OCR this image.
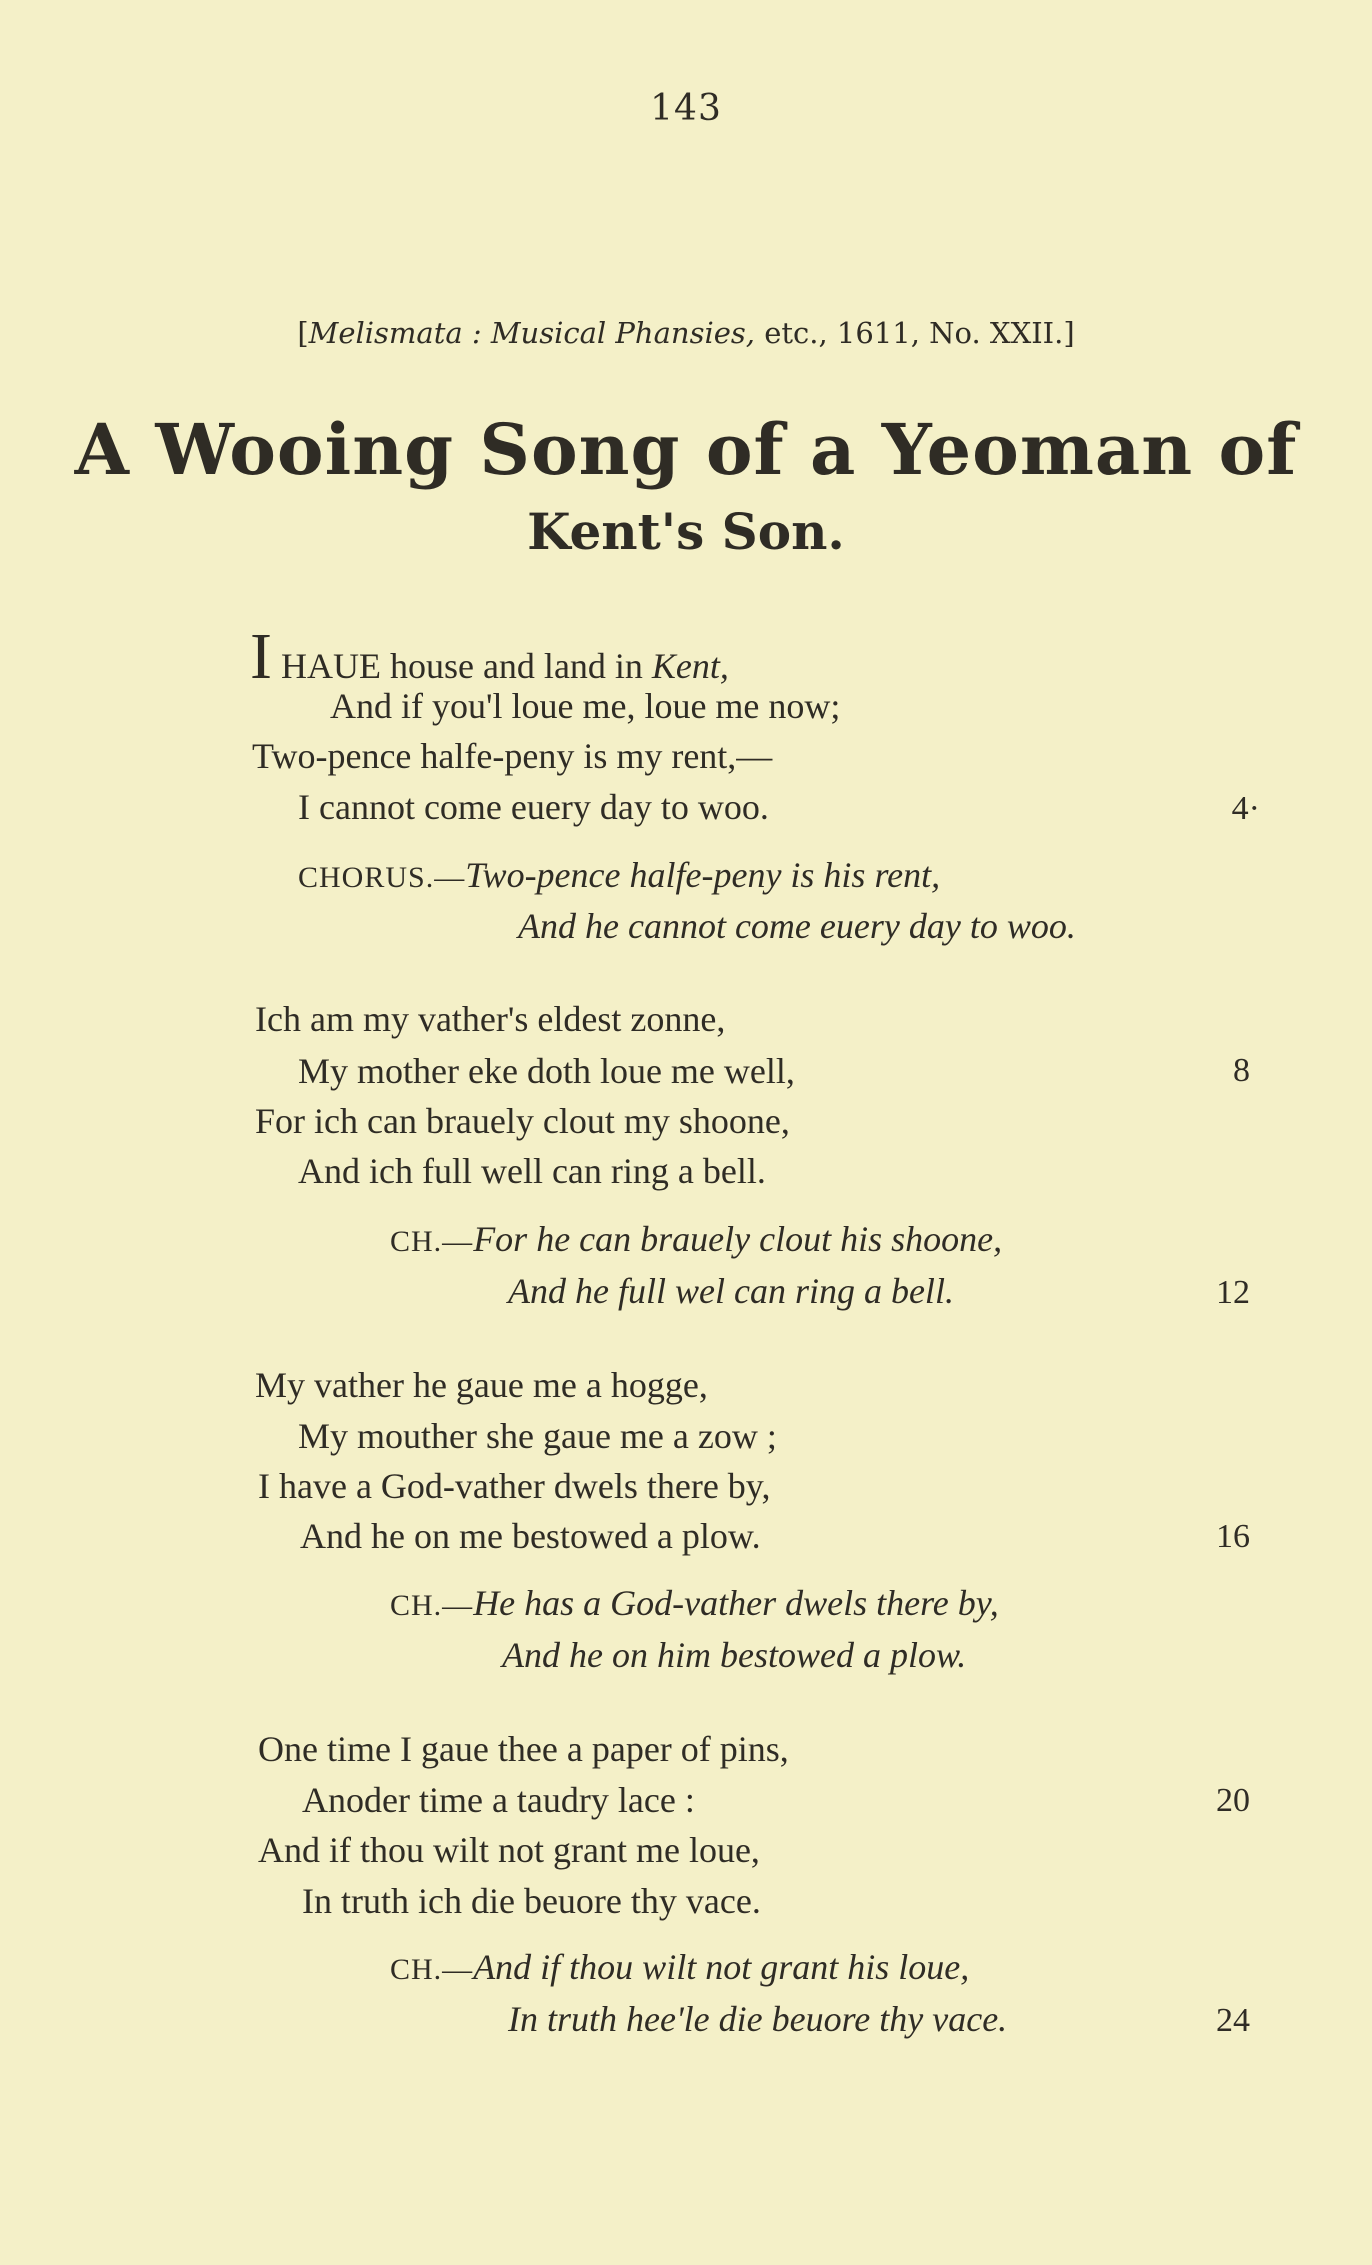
143
[Melismata : Musical Phansies, etc., 1611, No. XXII.]
A Wooing Song of a Yeoman of
Kent's Son.
I HAUE house and land in Kent,
And if you'l loue me, loue me now;
Two-pence halfe-peny is my rent,—
I cannot come euery day to woo.	4·
CHORUS.—Two-pence halfe-peny is his rent,
And he cannot come euery day to woo.
Ich am my vather's eldest zonne,
My mother eke doth loue me well,	8
For ich can brauely clout my shoone,
And ich full well can ring a bell.
CH.—For he can brauely clout his shoone,
And he full wel can ring a bell.	12
My vather he gaue me a hogge,
My mouther she gaue me a zow ;
I have a God-vather dwels there by,
And he on me bestowed a plow.	16
CH.—He has a God-vather dwels there by,
And he on him bestowed a plow.
One time I gaue thee a paper of pins,
Anoder time a taudry lace :	20
And if thou wilt not grant me loue,
In truth ich die beuore thy vace.
CH.—And if thou wilt not grant his loue,
In truth hee'le die beuore thy vace.	24
